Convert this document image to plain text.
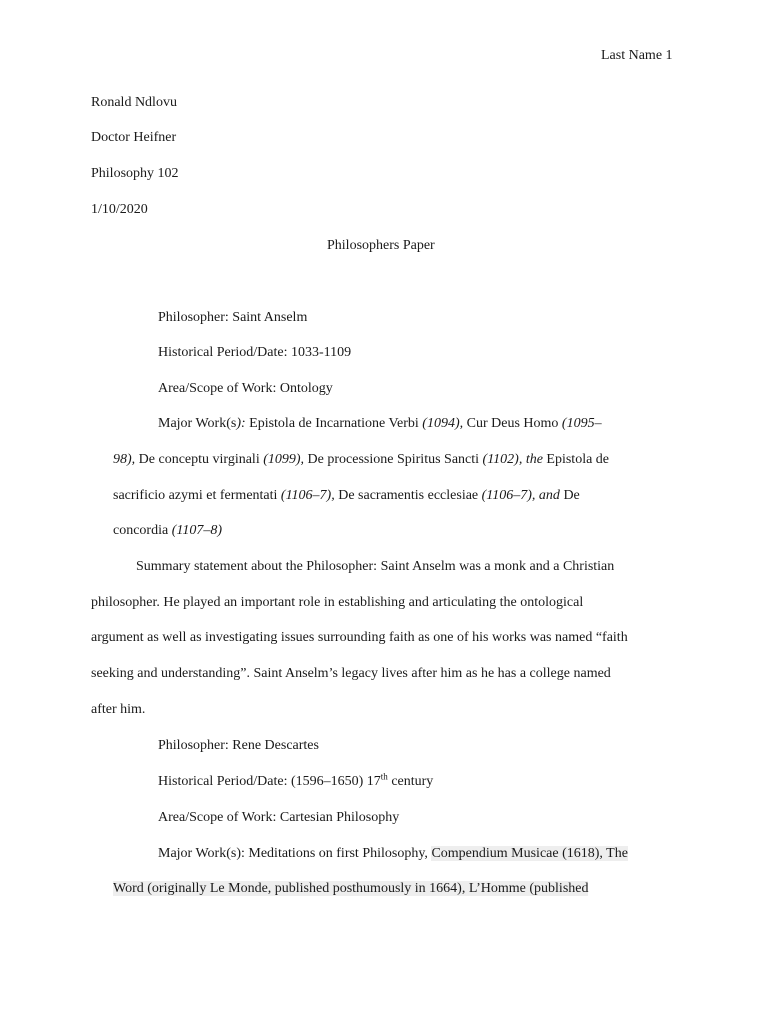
Last Name 1
Ronald Ndlovu
Doctor Heifner
Philosophy 102
1/10/2020
Philosophers Paper
Philosopher: Saint Anselm
Historical Period/Date: 1033-1109
Area/Scope of Work: Ontology
Major Work(s): Epistola de Incarnatione Verbi (1094), Cur Deus Homo (1095–
98), De conceptu virginali (1099), De processione Spiritus Sancti (1102), the Epistola de
sacrificio azymi et fermentati (1106–7), De sacramentis ecclesiae (1106–7), and De
concordia (1107–8)
Summary statement about the Philosopher: Saint Anselm was a monk and a Christian
philosopher. He played an important role in establishing and articulating the ontological
argument as well as investigating issues surrounding faith as one of his works was named “faith
seeking and understanding”. Saint Anselm’s legacy lives after him as he has a college named
after him.
Philosopher: Rene Descartes
Historical Period/Date: (1596–1650) 17th century
Area/Scope of Work: Cartesian Philosophy
Major Work(s): Meditations on first Philosophy, Compendium Musicae (1618), The
Word (originally Le Monde, published posthumously in 1664), L’Homme (published
